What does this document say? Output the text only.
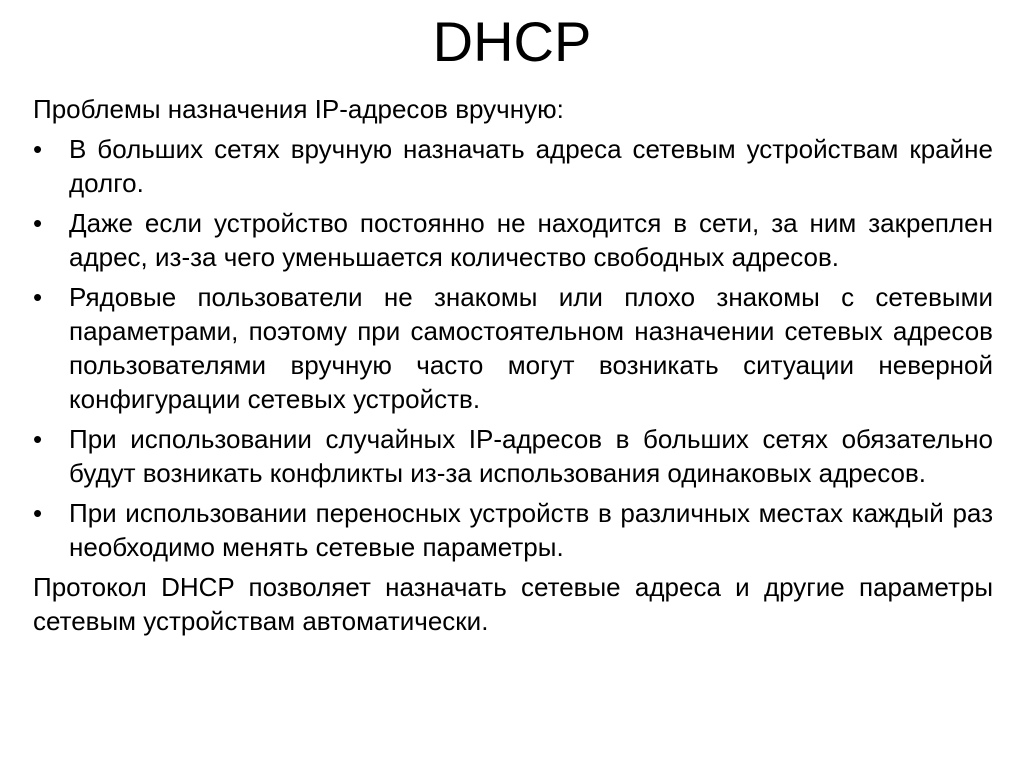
DHCP

Проблемы назначения IP-адресов вручную:

• В больших сетях вручную назначать адреса сетевым устройствам крайне долго.
• Даже если устройство постоянно не находится в сети, за ним закреплен адрес, из-за чего уменьшается количество свободных адресов.
• Рядовые пользователи не знакомы или плохо знакомы с сетевыми параметрами, поэтому при самостоятельном назначении сетевых адресов пользователями вручную часто могут возникать ситуации неверной конфигурации сетевых устройств.
• При использовании случайных IP-адресов в больших сетях обязательно будут возникать конфликты из-за использования одинаковых адресов.
• При использовании переносных устройств в различных местах каждый раз необходимо менять сетевые параметры.

Протокол DHCP позволяет назначать сетевые адреса и другие параметры сетевым устройствам автоматически.
